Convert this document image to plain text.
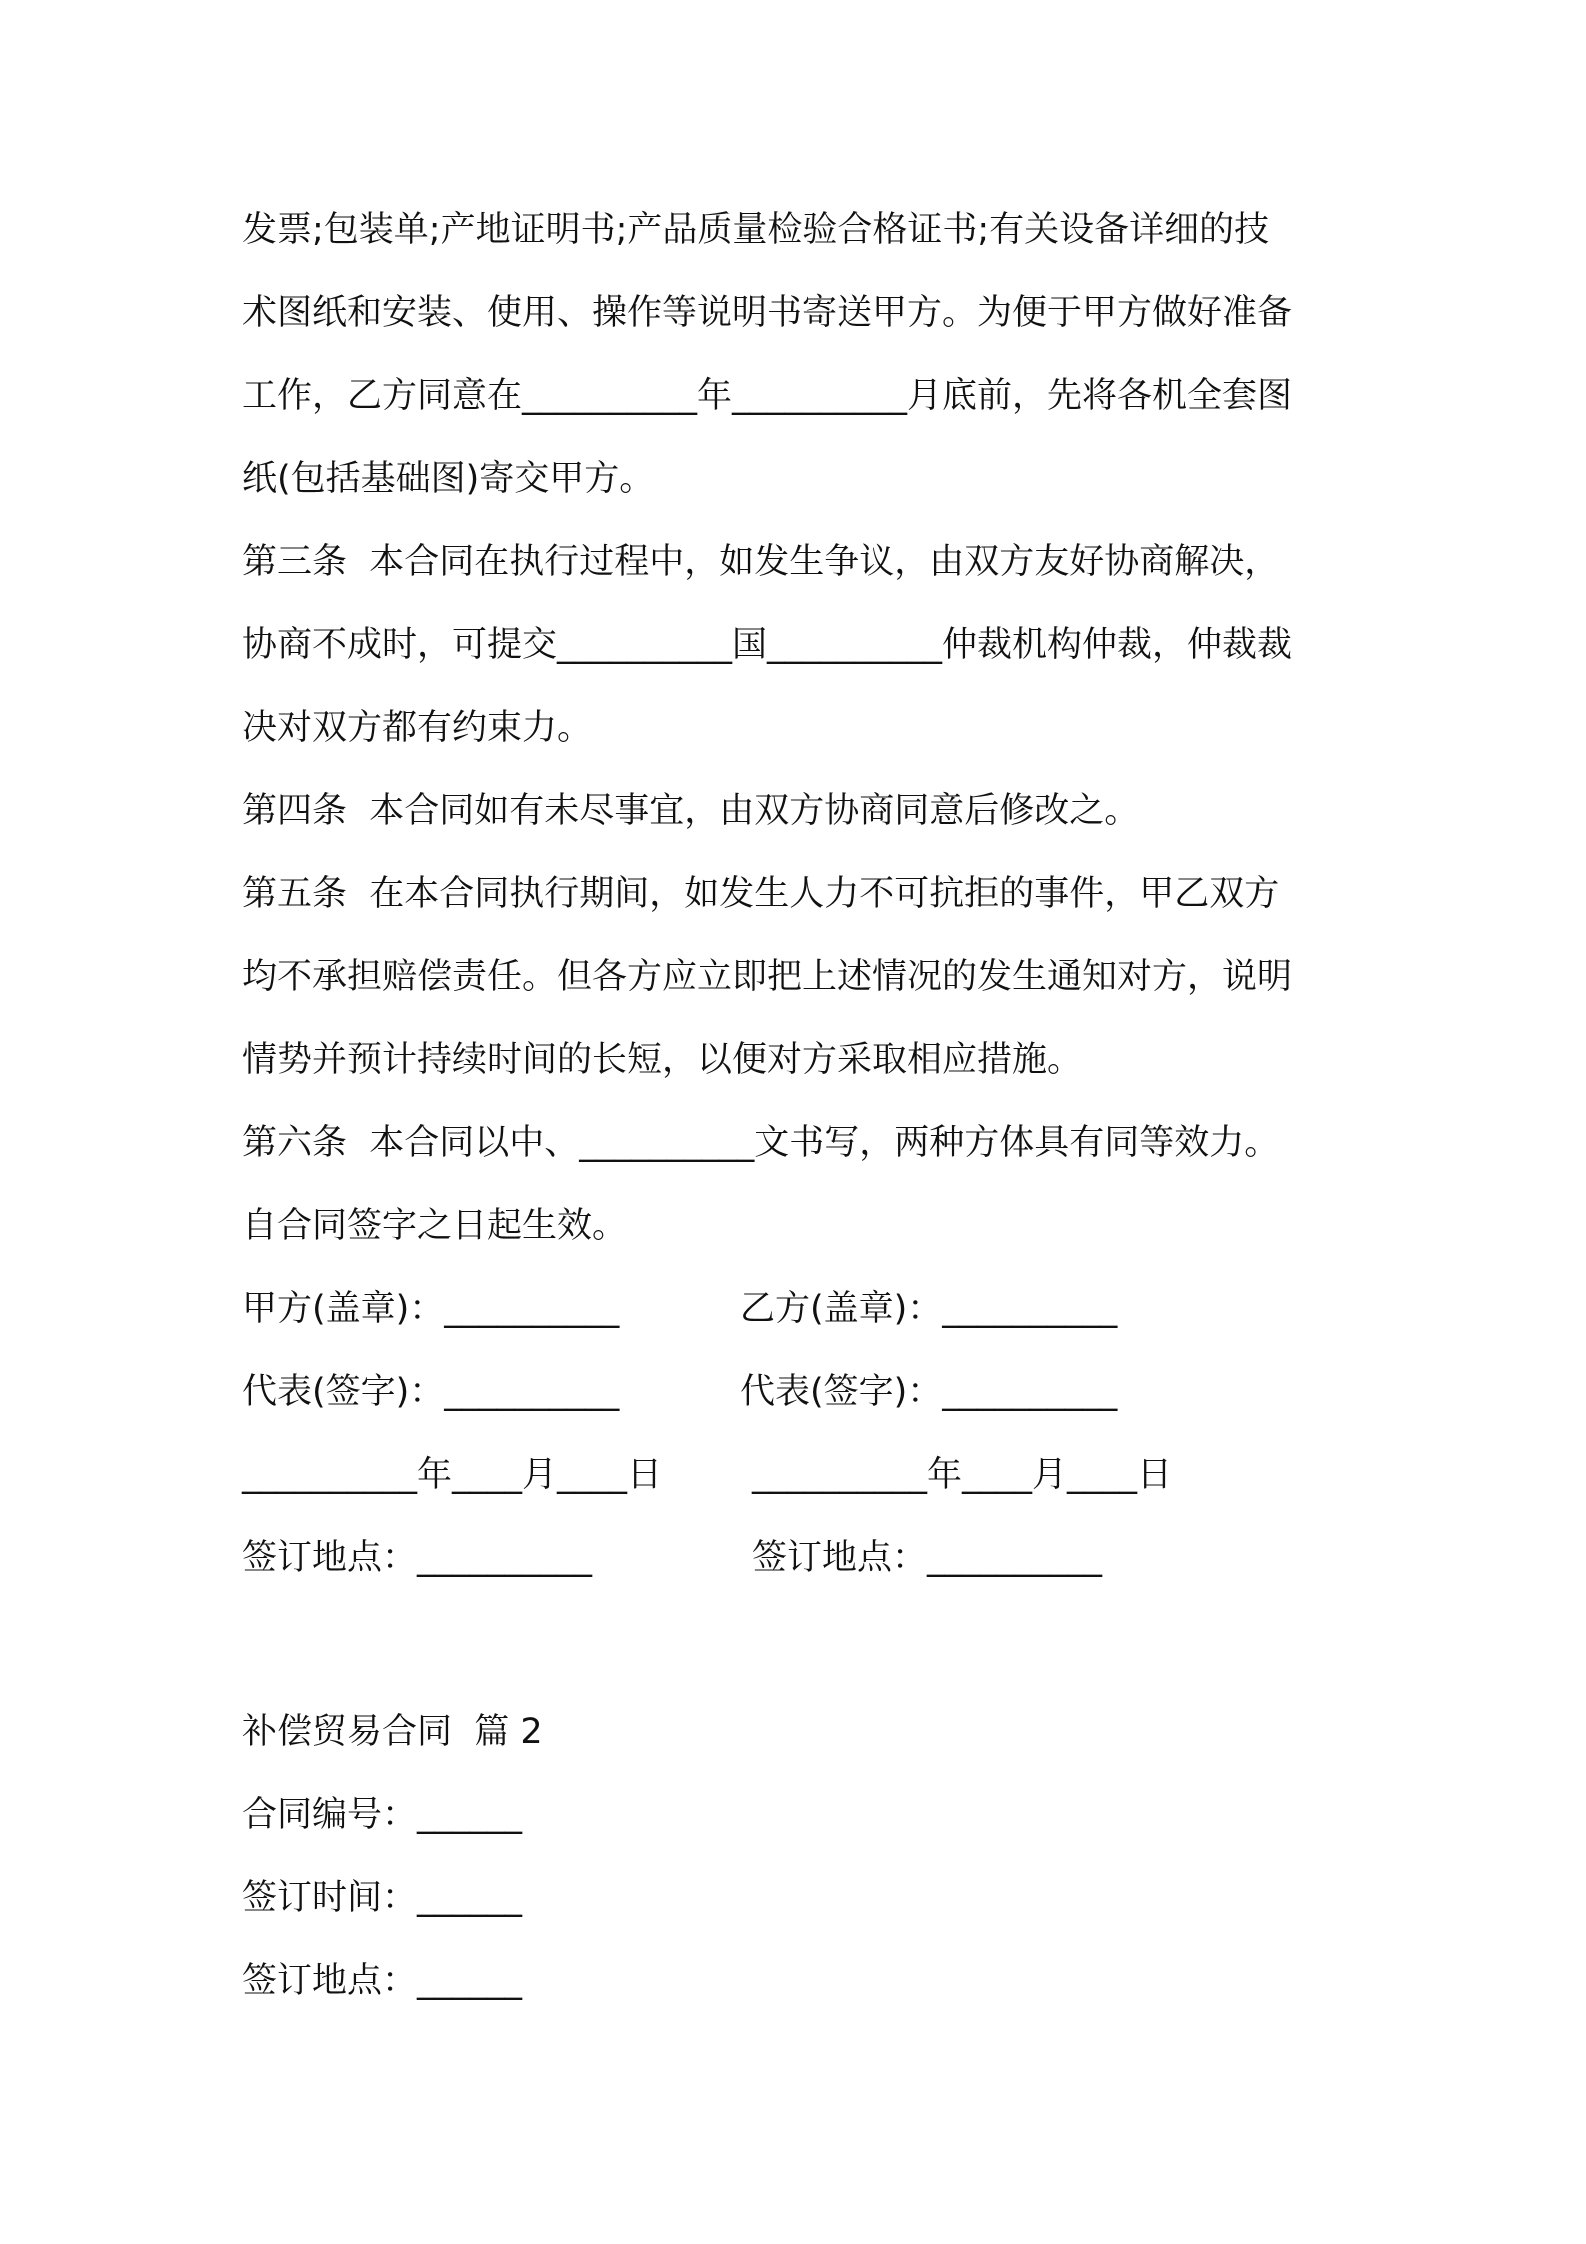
发票;包装单;产地证明书;产品质量检验合格证书;有关设备详细的技
术图纸和安装、使用、操作等说明书寄送甲方。为便于甲方做好准备
工作，乙方同意在__________年__________月底前，先将各机全套图
纸(包括基础图)寄交甲方。
第三条  本合同在执行过程中，如发生争议，由双方友好协商解决，
协商不成时，可提交__________国__________仲裁机构仲裁，仲裁裁
决对双方都有约束力。
第四条  本合同如有未尽事宜，由双方协商同意后修改之。
第五条  在本合同执行期间，如发生人力不可抗拒的事件，甲乙双方
均不承担赔偿责任。但各方应立即把上述情况的发生通知对方，说明
情势并预计持续时间的长短，以便对方采取相应措施。
第六条  本合同以中、__________文书写，两种方体具有同等效力。
自合同签字之日起生效。
甲方(盖章)：__________	乙方(盖章)：__________
代表(签字)：__________	代表(签字)：__________
__________年____月____日	__________年____月____日
签订地点：__________	签订地点：__________
补偿贸易合同  篇 2
合同编号：______
签订时间：______
签订地点：______
